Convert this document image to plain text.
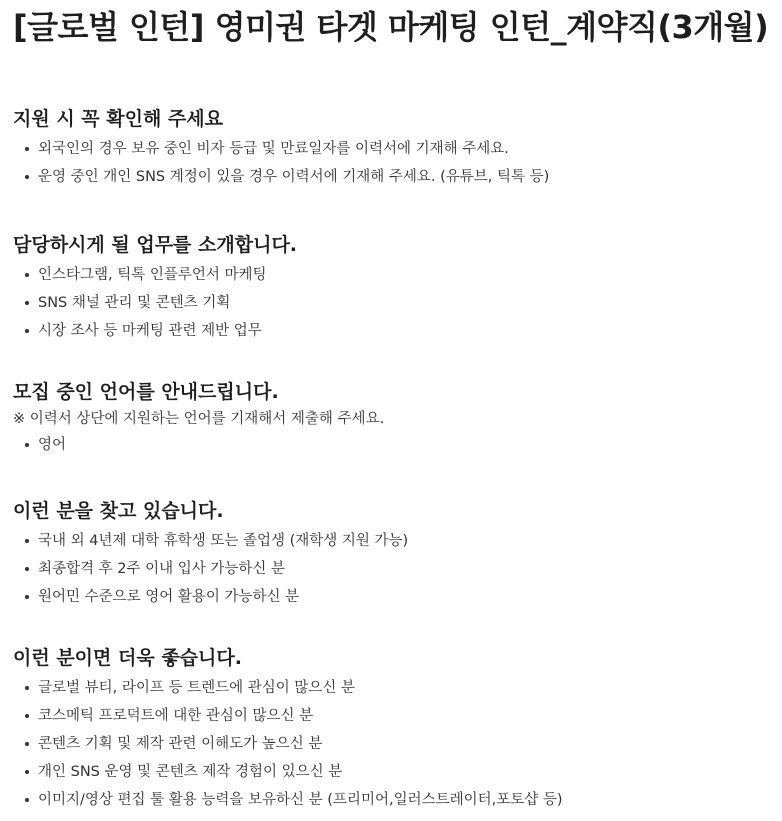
[글로벌 인턴] 영미권 타겟 마케팅 인턴_계약직(3개월)
지원 시 꼭 확인해 주세요
외국인의 경우 보유 중인 비자 등급 및 만료일자를 이력서에 기재해 주세요.
운영 중인 개인 SNS 계정이 있을 경우 이력서에 기재해 주세요. (유튜브, 틱톡 등)
담당하시게 될 업무를 소개합니다.
인스타그램, 틱톡 인플루언서 마케팅
SNS 채널 관리 및 콘텐츠 기획
시장 조사 등 마케팅 관련 제반 업무
모집 중인 언어를 안내드립니다.

※ 이력서 상단에 지원하는 언어를 기재해서 제출해 주세요.

영어
이런 분을 찾고 있습니다.
국내 외 4년제 대학 휴학생 또는 졸업생 (재학생 지원 가능)
최종합격 후 2주 이내 입사 가능하신 분
원어민 수준으로 영어 활용이 가능하신 분
이런 분이면 더욱 좋습니다.
글로벌 뷰티, 라이프 등 트렌드에 관심이 많으신 분
코스메틱 프로덕트에 대한 관심이 많으신 분
콘텐츠 기획 및 제작 관련 이해도가 높으신 분
개인 SNS 운영 및 콘텐츠 제작 경험이 있으신 분
이미지/영상 편집 툴 활용 능력을 보유하신 분 (프리미어,일러스트레이터,포토샵 등)
